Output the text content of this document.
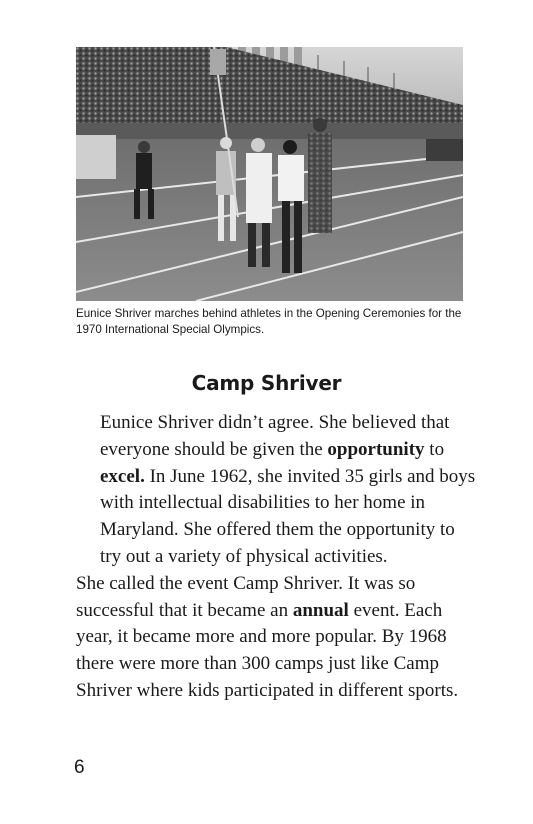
Eunice Shriver marches behind athletes in the Opening Ceremonies for the 1970 International Special Olympics.
Camp Shriver

Eunice Shriver didn’t agree. She believed that everyone should be given the opportunity to excel. In June 1962, she invited 35 girls and boys with intellectual disabilities to her home in Maryland. She offered them the opportunity to try out a variety of physical activities.

She called the event Camp Shriver. It was so successful that it became an annual event. Each year, it became more and more popular. By 1968 there were more than 300 camps just like Camp Shriver where kids participated in different sports.

6
